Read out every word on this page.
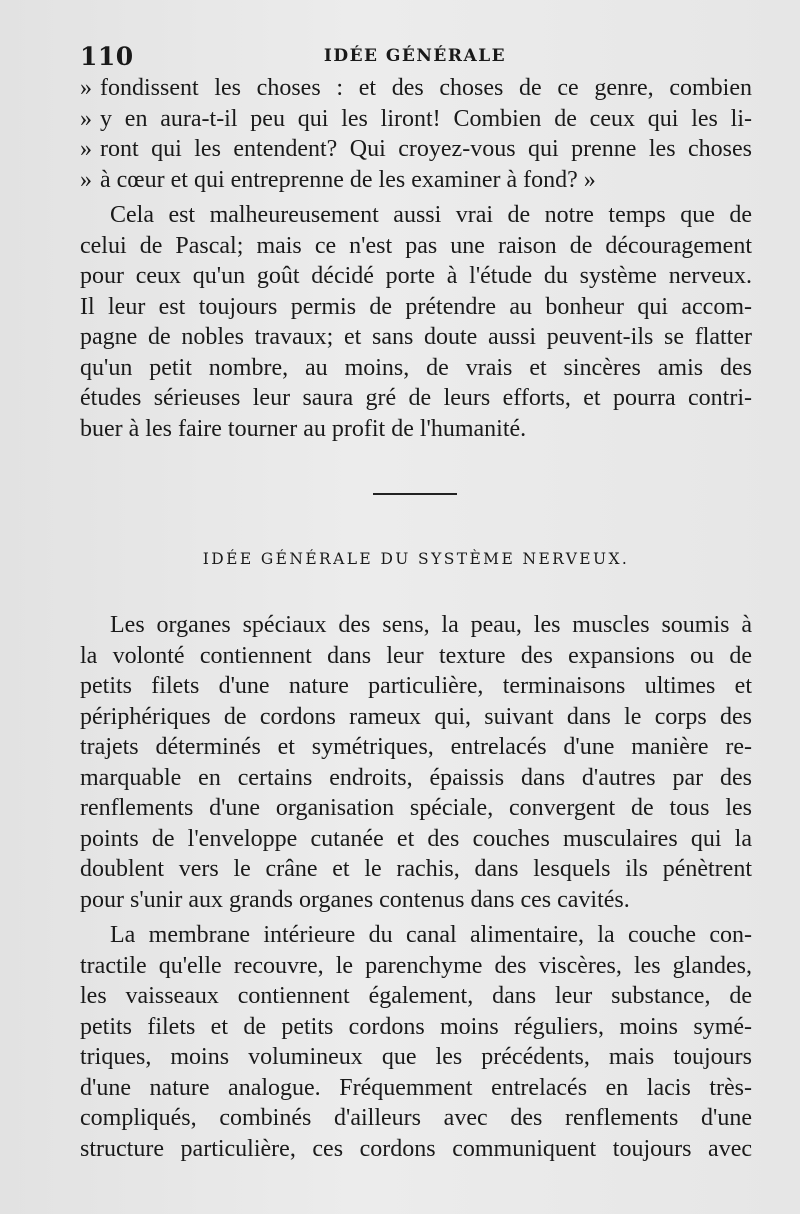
110	IDÉE GÉNÉRALE
» fondissent les choses : et des choses de ce genre, combien
» y en aura-t-il peu qui les liront! Combien de ceux qui les li-
» ront qui les entendent? Qui croyez-vous qui prenne les choses
» à cœur et qui entreprenne de les examiner à fond? »
Cela est malheureusement aussi vrai de notre temps que de
celui de Pascal; mais ce n'est pas une raison de découragement
pour ceux qu'un goût décidé porte à l'étude du système nerveux.
Il leur est toujours permis de prétendre au bonheur qui accom-
pagne de nobles travaux; et sans doute aussi peuvent-ils se flatter
qu'un petit nombre, au moins, de vrais et sincères amis des
études sérieuses leur saura gré de leurs efforts, et pourra contri-
buer à les faire tourner au profit de l'humanité.
IDÉE GÉNÉRALE DU SYSTÈME NERVEUX.
Les organes spéciaux des sens, la peau, les muscles soumis à
la volonté contiennent dans leur texture des expansions ou de
petits filets d'une nature particulière, terminaisons ultimes et
périphériques de cordons rameux qui, suivant dans le corps des
trajets déterminés et symétriques, entrelacés d'une manière re-
marquable en certains endroits, épaissis dans d'autres par des
renflements d'une organisation spéciale, convergent de tous les
points de l'enveloppe cutanée et des couches musculaires qui la
doublent vers le crâne et le rachis, dans lesquels ils pénètrent
pour s'unir aux grands organes contenus dans ces cavités.
La membrane intérieure du canal alimentaire, la couche con-
tractile qu'elle recouvre, le parenchyme des viscères, les glandes,
les vaisseaux contiennent également, dans leur substance, de
petits filets et de petits cordons moins réguliers, moins symé-
triques, moins volumineux que les précédents, mais toujours
d'une nature analogue. Fréquemment entrelacés en lacis très-
compliqués, combinés d'ailleurs avec des renflements d'une
structure particulière, ces cordons communiquent toujours avec
